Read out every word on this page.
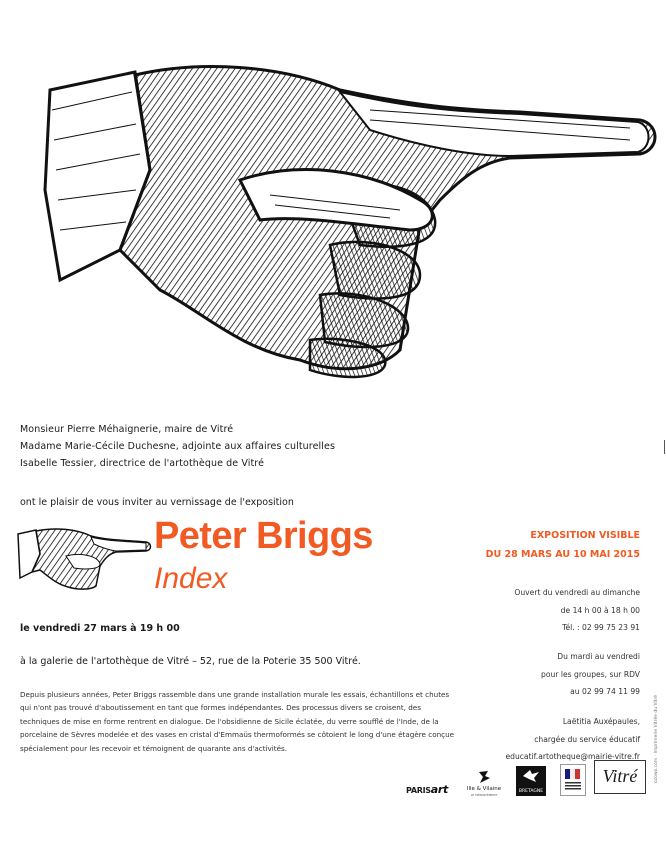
Monsieur Pierre Méhaignerie, maire de Vitré
Madame Marie-Cécile Duchesne, adjointe aux affaires culturelles
Isabelle Tessier, directrice de l'artothèque de Vitré
ont le plaisir de vous inviter au vernissage de l'exposition
Peter Briggs
Index
le vendredi 27 mars à 19 h 00
à la galerie de l'artothèque de Vitré – 52, rue de la Poterie 35 500 Vitré.
Depuis plusieurs années, Peter Briggs rassemble dans une grande installation murale les essais, échantillons et chutes qui n'ont pas trouvé d'aboutissement en tant que formes indépendantes. Des processus divers se croisent, des techniques de mise en forme rentrent en dialogue. De l'obsidienne de Sicile éclatée, du verre soufflé de l'Inde, de la porcelaine de Sèvres modelée et des vases en cristal d'Emmaüs thermoformés se côtoient le long d'une étagère conçue spécialement pour les recevoir et témoignent de quarante ans d'activités.
EXPOSITION VISIBLE
DU 28 MARS AU 10 MAI 2015
Ouvert du vendredi au dimanche
de 14 h 00 à 18 h 00
Tél. : 02 99 75 23 91
Du mardi au vendredi
pour les groupes, sur RDV
au 02 99 74 11 99
Laëtitia Auxépaules,
chargée du service éducatif
educatif.artotheque@mairie-vitre.fr	ozowo.com · Imprimerie Vitrée du Vitré
PARISart	Ille & Vilaine
LE DÉPARTEMENT
BRETAGNE
Vitré
